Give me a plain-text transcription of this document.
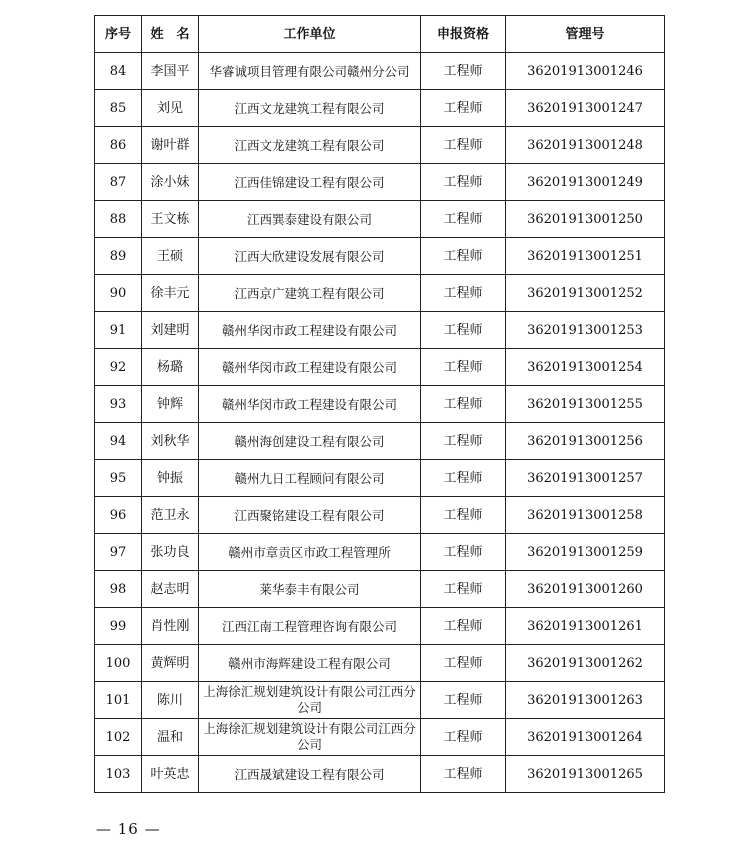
序号	姓　名	工作单位	申报资格	管理号
84	李国平	华睿诚项目管理有限公司赣州分公司	工程师	36201913001246
85	刘见	江西文龙建筑工程有限公司	工程师	36201913001247
86	谢叶群	江西文龙建筑工程有限公司	工程师	36201913001248
87	涂小妹	江西佳锦建设工程有限公司	工程师	36201913001249
88	王文栋	江西巽泰建设有限公司	工程师	36201913001250
89	王硕	江西大欣建设发展有限公司	工程师	36201913001251
90	徐丰元	江西京广建筑工程有限公司	工程师	36201913001252
91	刘建明	赣州华闵市政工程建设有限公司	工程师	36201913001253
92	杨璐	赣州华闵市政工程建设有限公司	工程师	36201913001254
93	钟辉	赣州华闵市政工程建设有限公司	工程师	36201913001255
94	刘秋华	赣州海创建设工程有限公司	工程师	36201913001256
95	钟振	赣州九日工程顾问有限公司	工程师	36201913001257
96	范卫永	江西聚铭建设工程有限公司	工程师	36201913001258
97	张功良	赣州市章贡区市政工程管理所	工程师	36201913001259
98	赵志明	莱华泰丰有限公司	工程师	36201913001260
99	肖性刚	江西江南工程管理咨询有限公司	工程师	36201913001261
100	黄辉明	赣州市海辉建设工程有限公司	工程师	36201913001262
101	陈川	上海徐汇规划建筑设计有限公司江西分公司	工程师	36201913001263
102	温和	上海徐汇规划建筑设计有限公司江西分公司	工程师	36201913001264
103	叶英忠	江西晟斌建设工程有限公司	工程师	36201913001265
— 16 —
